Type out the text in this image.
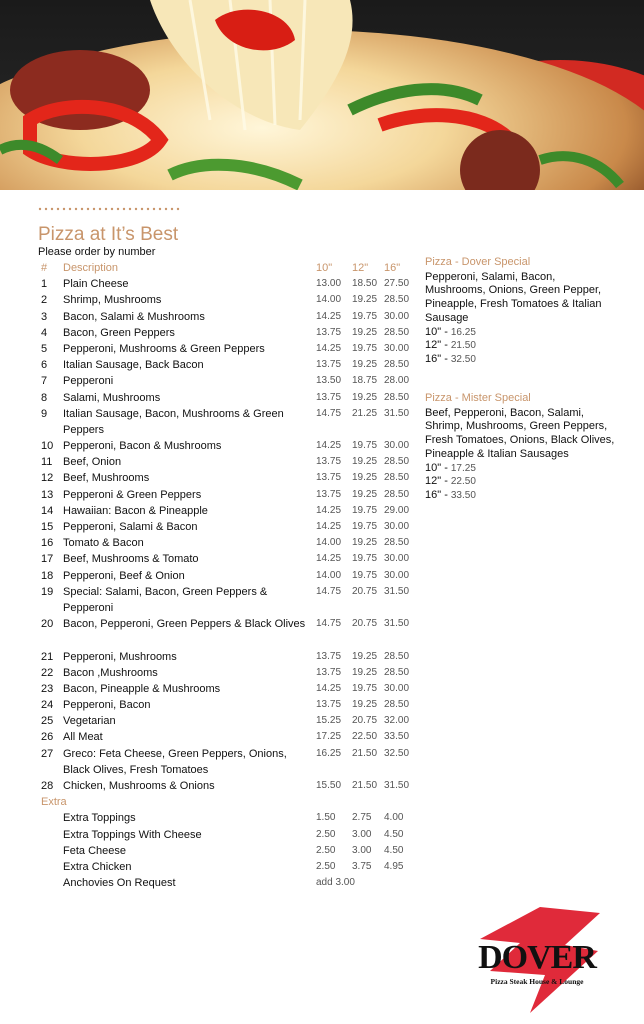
Pizza at It’s Best
Please order by number
# Description	10" 12" 16"
1 Plain Cheese	13.00 18.50 27.50
2 Shrimp, Mushrooms	14.00 19.25 28.50
3 Bacon, Salami & Mushrooms	14.25 19.75 30.00
4 Bacon, Green Peppers	13.75 19.25 28.50
5 Pepperoni, Mushrooms & Green Peppers	14.25 19.75 30.00
6 Italian Sausage, Back Bacon	13.75 19.25 28.50
7 Pepperoni	13.50 18.75 28.00
8 Salami, Mushrooms	13.75 19.25 28.50
9 Italian Sausage, Bacon, Mushrooms & Green Peppers
14.75 21.25 31.50
10 Pepperoni, Bacon & Mushrooms	14.25 19.75 30.00
11 Beef, Onion	13.75 19.25 28.50
12 Beef, Mushrooms	13.75 19.25 28.50
13 Pepperoni & Green Peppers	13.75 19.25 28.50
14 Hawaiian: Bacon & Pineapple	14.25 19.75 29.00
15 Pepperoni, Salami & Bacon	14.25 19.75 30.00
16 Tomato & Bacon	14.00 19.25 28.50
17 Beef, Mushrooms & Tomato	14.25 19.75 30.00
18 Pepperoni, Beef & Onion	14.00 19.75 30.00
19 Special: Salami, Bacon, Green Peppers & Pepperoni
14.75 20.75 31.50
20 Bacon, Pepperoni, Green Peppers & Black Olives	14.75 20.75 31.50
21 Pepperoni, Mushrooms	13.75 19.25 28.50
22 Bacon ,Mushrooms	13.75 19.25 28.50
23 Bacon, Pineapple & Mushrooms	14.25 19.75 30.00
24 Pepperoni, Bacon	13.75 19.25 28.50
25 Vegetarian	15.25 20.75 32.00
26 All Meat	17.25 22.50 33.50
27 Greco: Feta Cheese, Green Peppers, Onions, Black Olives, Fresh Tomatoes
16.25 21.50 32.50
28 Chicken, Mushrooms & Onions	15.50 21.50 31.50
Extra
Extra Toppings	1.50 2.75 4.00
Extra Toppings With Cheese	2.50 3.00 4.50
Feta Cheese	2.50 3.00 4.50
Extra Chicken	2.50 3.75 4.95
Anchovies On Request	add 3.00
Pizza - Dover Special
Pepperoni, Salami, Bacon, Mushrooms, Onions, Green Pepper, Pineapple, Fresh Tomatoes & Italian Sausage
10" - 16.25
12" - 21.50
16" - 32.50
Pizza - Mister Special
Beef, Pepperoni, Bacon, Salami, Shrimp, Mushrooms, Green Peppers, Fresh Tomatoes, Onions, Black Olives, Pineapple & Italian Sausages
10" - 17.25
12" - 22.50
16" - 33.50
DOVER
Pizza Steak House & Lounge
